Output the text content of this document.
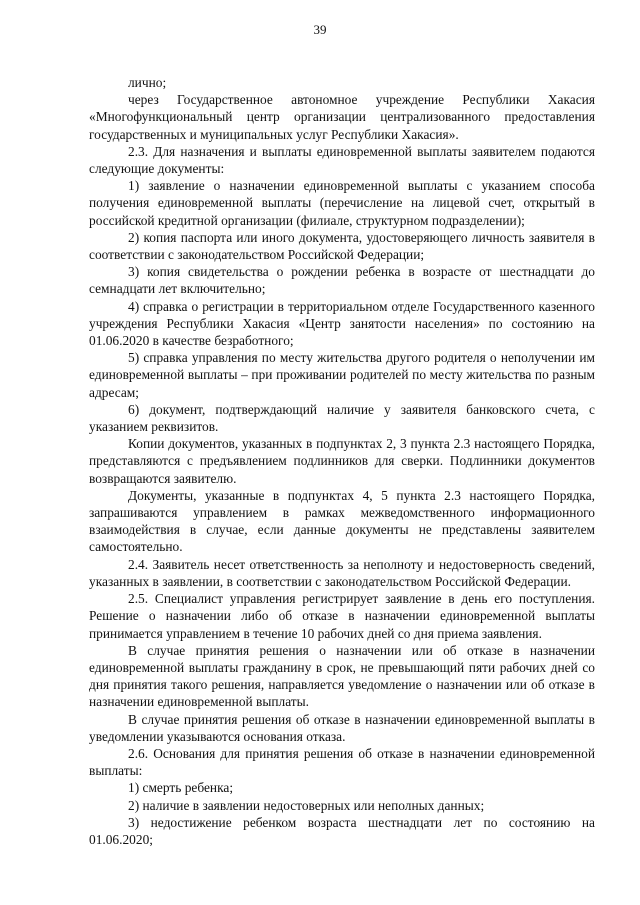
39

лично;

через Государственное автономное учреждение Республики Хакасия «Многофункциональный центр организации централизованного предоставления государственных и муниципальных услуг Республики Хакасия».

2.3. Для назначения и выплаты единовременной выплаты заявителем подаются следующие документы:

1) заявление о назначении единовременной выплаты с указанием способа получения единовременной выплаты (перечисление на лицевой счет, открытый в российской кредитной организации (филиале, структурном подразделении);

2) копия паспорта или иного документа, удостоверяющего личность заявителя в соответствии с законодательством Российской Федерации;

3) копия свидетельства о рождении ребенка в возрасте от шестнадцати до семнадцати лет включительно;

4) справка о регистрации в территориальном отделе Государственного казенного учреждения Республики Хакасия «Центр занятости населения» по состоянию на 01.06.2020 в качестве безработного;

5) справка управления по месту жительства другого родителя о неполучении им единовременной выплаты – при проживании родителей по месту жительства по разным адресам;

6) документ, подтверждающий наличие у заявителя банковского счета, с указанием реквизитов.

Копии документов, указанных в подпунктах 2, 3 пункта 2.3 настоящего Порядка, представляются с предъявлением подлинников для сверки. Подлинники документов возвращаются заявителю.

Документы, указанные в подпунктах 4, 5 пункта 2.3 настоящего Порядка, запрашиваются управлением в рамках межведомственного информационного взаимодействия в случае, если данные документы не представлены заявителем самостоятельно.

2.4. Заявитель несет ответственность за неполноту и недостоверность сведений, указанных в заявлении, в соответствии с законодательством Российской Федерации.

2.5. Специалист управления регистрирует заявление в день его поступления. Решение о назначении либо об отказе в назначении единовременной выплаты принимается управлением в течение 10 рабочих дней со дня приема заявления.

В случае принятия решения о назначении или об отказе в назначении единовременной выплаты гражданину в срок, не превышающий пяти рабочих дней со дня принятия такого решения, направляется уведомление о назначении или об отказе в назначении единовременной выплаты.

В случае принятия решения об отказе в назначении единовременной выплаты в уведомлении указываются основания отказа.

2.6. Основания для принятия решения об отказе в назначении единовременной выплаты:

1) смерть ребенка;

2) наличие в заявлении недостоверных или неполных данных;

3) недостижение ребенком возраста шестнадцати лет по состоянию на 01.06.2020;
